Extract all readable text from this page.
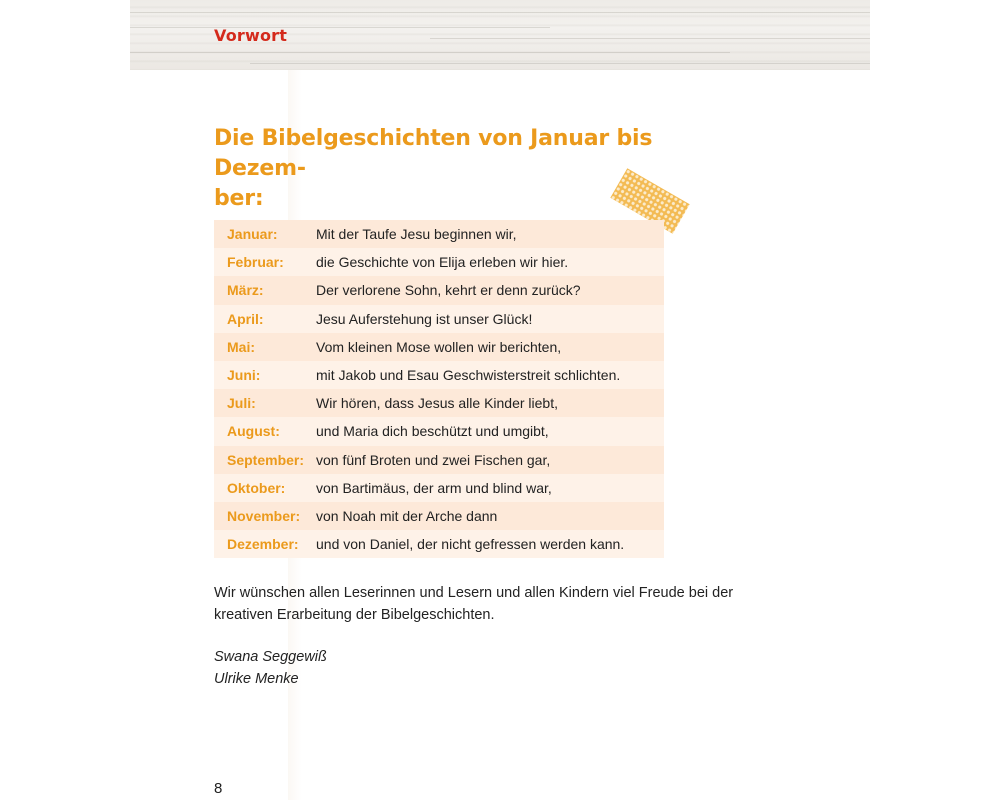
Vorwort
Die Bibelgeschichten von Januar bis Dezem-
ber:
Januar:	Mit der Taufe Jesu beginnen wir,
Februar:	die Geschichte von Elija erleben wir hier.
März:	Der verlorene Sohn, kehrt er denn zurück?
April:	Jesu Auferstehung ist unser Glück!
Mai:	Vom kleinen Mose wollen wir berichten,
Juni:	mit Jakob und Esau Geschwisterstreit schlichten.
Juli:	Wir hören, dass Jesus alle Kinder liebt,
August:	und Maria dich beschützt und umgibt,
September: von fünf Broten und zwei Fischen gar,
Oktober:	von Bartimäus, der arm und blind war,
November:	von Noah mit der Arche dann
Dezember:	und von Daniel, der nicht gefressen werden kann.
Wir wünschen allen Leserinnen und Lesern und allen Kindern viel Freude bei der
kreativen Erarbeitung der Bibelgeschichten.
Swana Seggewiß
Ulrike Menke
8
